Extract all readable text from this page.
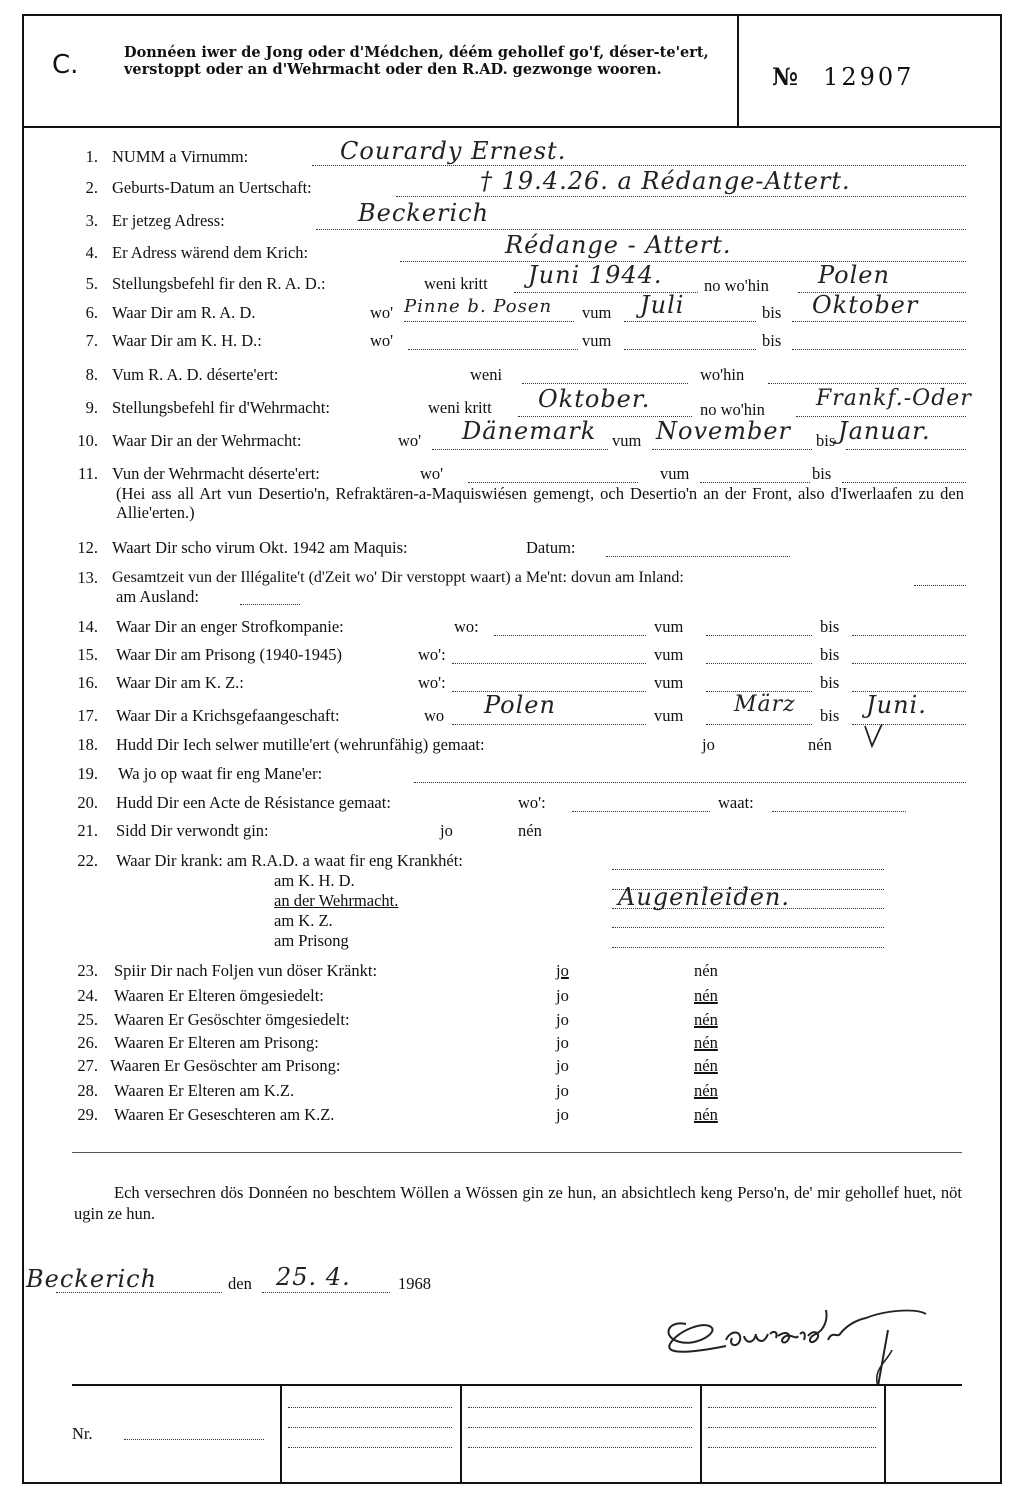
C.	Donnéen iwer de Jong oder d'Médchen, déém gehollef go'f, déser-te'ert, verstoppt oder an d'Wehrmacht oder den R.AD. gezwonge wooren.	№ 12907
1. NUMM a Virnumm:	Courardy Ernest.
2. Geburts-Datum an Uertschaft:	† 19.4.26. a Rédange-Attert.
3. Er jetzeg Adress:	Beckerich
4. Er Adress wärend dem Krich:	Rédange - Attert.
5. Stellungsbefehl fir den R. A. D.:	weni kritt Juni 1944.	no wo'hin Polen
6. Waar Dir am R. A. D.	wo' Pinne b. Posen vum Juli	bis Oktober
7. Waar Dir am K. H. D.:	wo'	vum	bis
8. Vum R. A. D. déserte'ert:	weni	wo'hin
9. Stellungsbefehl fir d'Wehrmacht:	weni kritt Oktober.	no wo'hin Frankf.-Oder
10. Waar Dir an der Wehrmacht:	wo' Dänemark vum November bis Januar.
11. Vun der Wehrmacht déserte'ert:	wo'	vum	bis
(Hei ass all Art vun Desertio'n, Refraktären-a-Maquiswiésen gemengt, och Desertio'n an der Front, also d'Iwerlaafen zu den Allie'erten.)
12. Waart Dir scho virum Okt. 1942 am Maquis:	Datum:
13. Gesamtzeit vun der Illégalite't (d'Zeit wo' Dir verstoppt waart) a Me'nt: dovun am Inland:
am Ausland:
14. Waar Dir an enger Strofkompanie:	wo:	vum	bis
15. Waar Dir am Prisong (1940-1945)	wo':	vum	bis
16. Waar Dir am K. Z.:	wo':	vum	bis
17. Waar Dir a Krichsgefaangeschaft:	wo Polen	vum März bis Juni.
18. Hudd Dir Iech selwer mutille'ert (wehrunfähig) gemaat:	jo	nén
19. Wa jo op waat fir eng Mane'er:
20. Hudd Dir een Acte de Résistance gemaat:	wo':	waat:
21. Sidd Dir verwondt gin:	jo	nén
22. Waar Dir krank: am R.A.D. a waat fir eng Krankhét:
am K. H. D.
an der Wehrmacht.	Augenleiden.
am K. Z.
am Prisong
23. Spiir Dir nach Foljen vun döser Kränkt:	jo	nén
24. Waaren Er Elteren ömgesiedelt:	jo	nén
25. Waaren Er Gesöschter ömgesiedelt:	jo	nén
26. Waaren Er Elteren am Prisong:	jo	nén
27. Waaren Er Gesöschter am Prisong:	jo	nén
28. Waaren Er Elteren am K.Z.	jo	nén
29. Waaren Er Geseschteren am K.Z.	jo	nén
Ech versechren dös Donnéen no beschtem Wöllen a Wössen gin ze hun, an absichtlech keng Perso'n, de' mir gehollef huet, nöt ugin ze hun.
Beckerich	den 25. 4.	1968
Nr.
